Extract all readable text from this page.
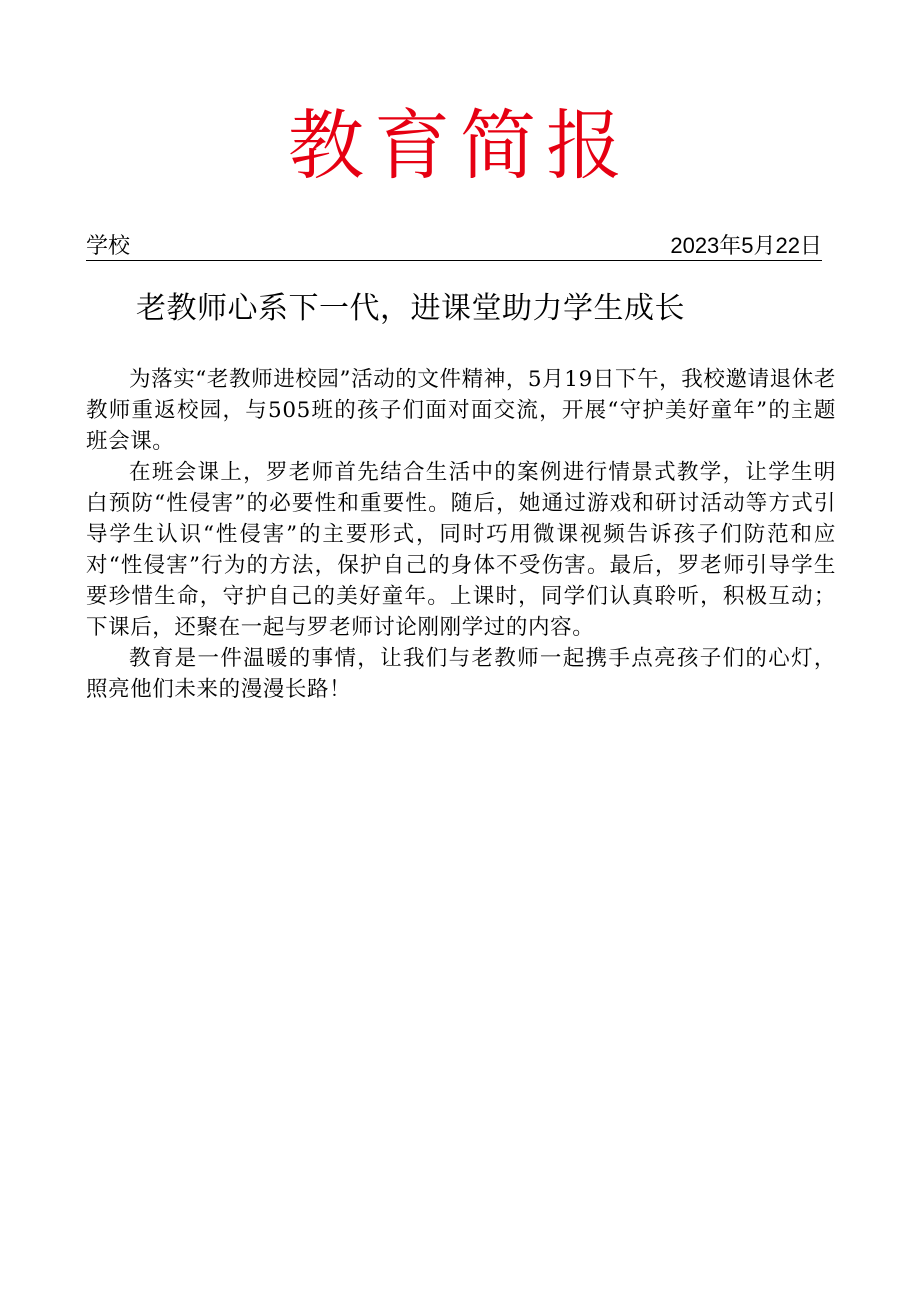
教育简报
学校	2023年5月22日
老教师心系下一代，进课堂助力学生成长

为落实“老教师进校园”活动的文件精神，5月19日下午，我校邀请退休老教师重返校园，与505班的孩子们面对面交流，开展“守护美好童年”的主题班会课。

在班会课上，罗老师首先结合生活中的案例进行情景式教学，让学生明白预防“性侵害”的必要性和重要性。随后，她通过游戏和研讨活动等方式引导学生认识“性侵害”的主要形式，同时巧用微课视频告诉孩子们防范和应对“性侵害”行为的方法，保护自己的身体不受伤害。最后，罗老师引导学生要珍惜生命，守护自己的美好童年。上课时，同学们认真聆听，积极互动；下课后，还聚在一起与罗老师讨论刚刚学过的内容。

教育是一件温暖的事情，让我们与老教师一起携手点亮孩子们的心灯，照亮他们未来的漫漫长路！
